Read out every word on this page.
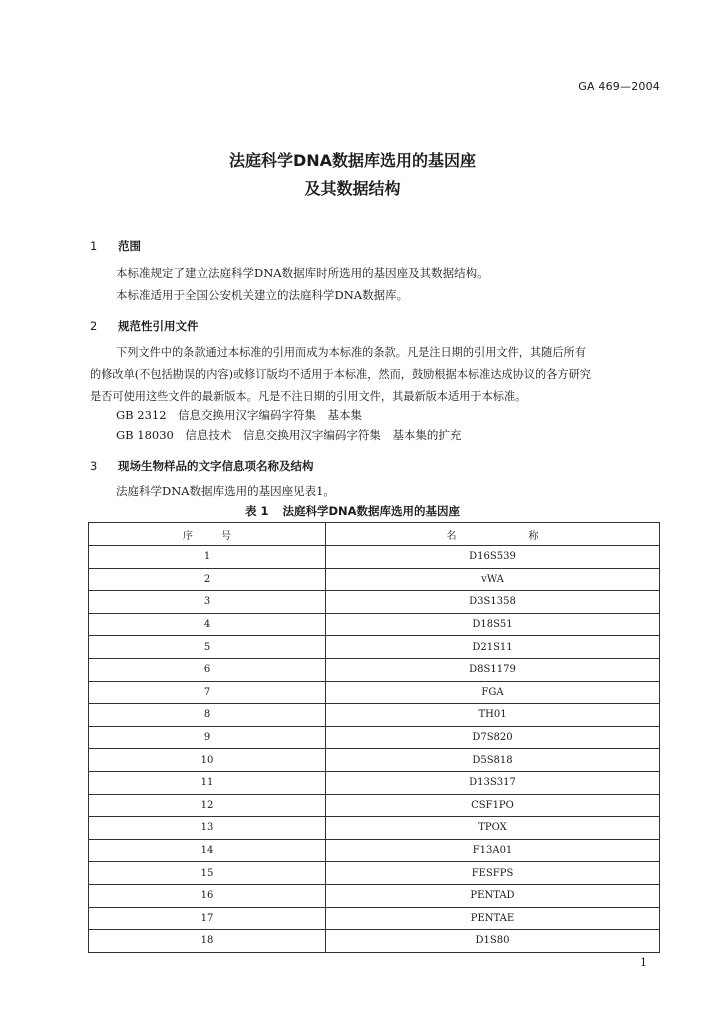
GA 469—2004
法庭科学DNA数据库选用的基因座
及其数据结构
1 范围

本标准规定了建立法庭科学DNA数据库时所选用的基因座及其数据结构。

本标准适用于全国公安机关建立的法庭科学DNA数据库。

2 规范性引用文件

下列文件中的条款通过本标准的引用而成为本标准的条款。凡是注日期的引用文件，其随后所有

的修改单(不包括勘误的内容)或修订版均不适用于本标准，然而，鼓励根据本标准达成协议的各方研究

是否可使用这些文件的最新版本。凡是不注日期的引用文件，其最新版本适用于本标准。

GB 2312　信息交换用汉字编码字符集　基本集

GB 18030　信息技术　信息交换用汉字编码字符集　基本集的扩充

3 现场生物样品的文字信息项名称及结构

法庭科学DNA数据库选用的基因座见表1。

表 1 法庭科学DNA数据库选用的基因座
序号	名称
1	D16S539
2	vWA
3	D3S1358
4	D18S51
5	D21S11
6	D8S1179
7	FGA
8	TH01
9	D7S820
10	D5S818
11	D13S317
12	CSF1PO
13	TPOX
14	F13A01
15	FESFPS
16	PENTAD
17	PENTAE
18	D1S80
1
